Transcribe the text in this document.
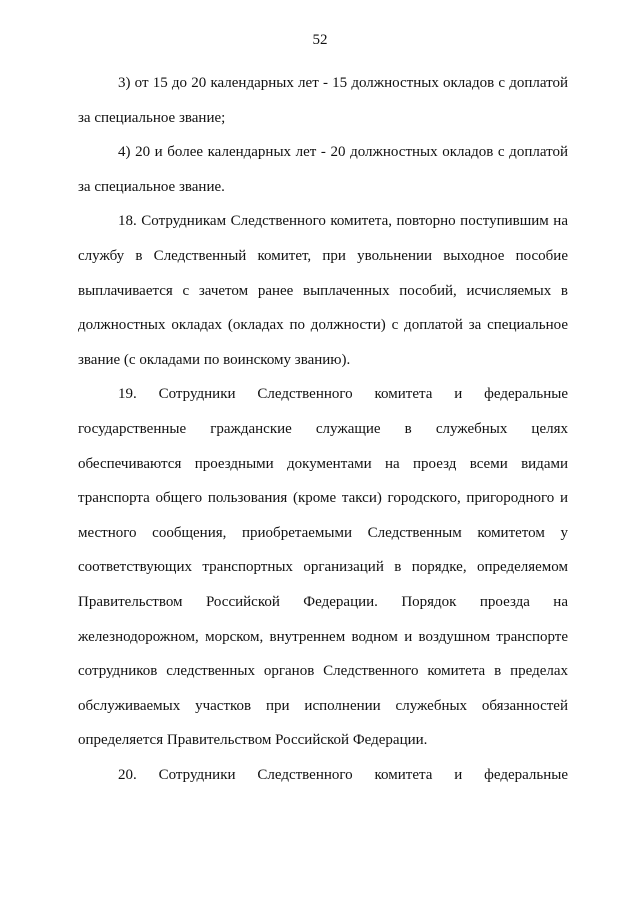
52

3) от 15 до 20 календарных лет - 15 должностных окладов с доплатой за специальное звание;

4) 20 и более календарных лет - 20 должностных окладов с доплатой за специальное звание.

18. Сотрудникам Следственного комитета, повторно поступившим на службу в Следственный комитет, при увольнении выходное пособие выплачивается с зачетом ранее выплаченных пособий, исчисляемых в должностных окладах (окладах по должности) с доплатой за специальное звание (с окладами по воинскому званию).

19. Сотрудники Следственного комитета и федеральные государственные гражданские служащие в служебных целях обеспечиваются проездными документами на проезд всеми видами транспорта общего пользования (кроме такси) городского, пригородного и местного сообщения, приобретаемыми Следственным комитетом у соответствующих транспортных организаций в порядке, определяемом Правительством Российской Федерации. Порядок проезда на железнодорожном, морском, внутреннем водном и воздушном транспорте сотрудников следственных органов Следственного комитета в пределах обслуживаемых участков при исполнении служебных обязанностей определяется Правительством Российской Федерации.

20. Сотрудники Следственного комитета и федеральные
